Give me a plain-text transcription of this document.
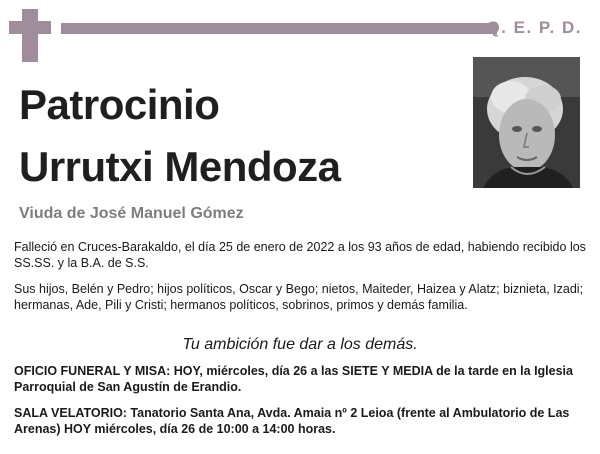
Q. E. P. D.
Patrocinio
Urrutxi Mendoza
Viuda de José Manuel Gómez
Falleció en Cruces-Barakaldo, el día 25 de enero de 2022 a los 93 años de edad, habiendo recibido los SS.SS. y la B.A. de S.S.
Sus hijos, Belén y Pedro; hijos políticos, Oscar y Bego; nietos, Maiteder, Haizea y Alatz; biznieta, Izadi; hermanas, Ade, Pili y Cristi; hermanos políticos, sobrinos, primos y demás familia.
Tu ambición fue dar a los demás.
OFICIO FUNERAL Y MISA: HOY, miércoles, día 26 a las SIETE Y MEDIA de la tarde en la Iglesia Parroquial de San Agustín de Erandio.
SALA VELATORIO: Tanatorio Santa Ana, Avda. Amaia nº 2 Leioa (frente al Ambulatorio de Las Arenas) HOY miércoles, día 26 de 10:00 a 14:00 horas.
